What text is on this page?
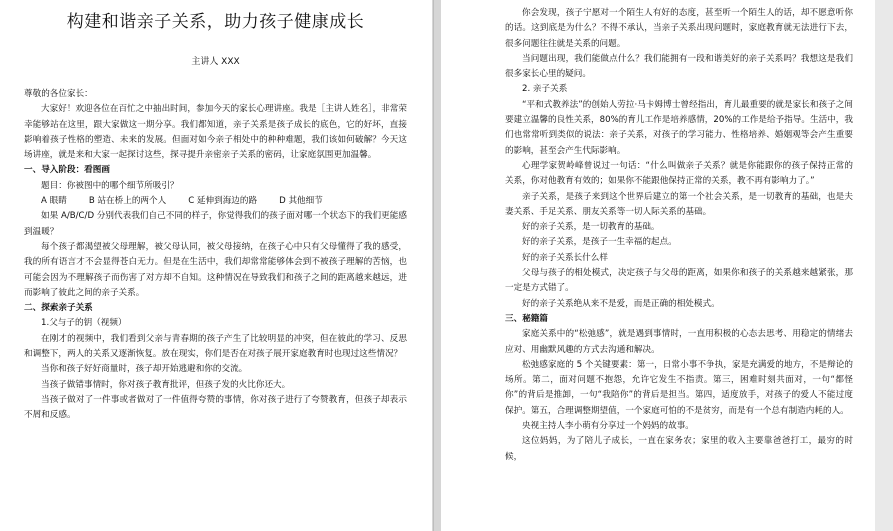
构建和谐亲子关系，助力孩子健康成长
主讲人 XXX

尊敬的各位家长：

大家好！欢迎各位在百忙之中抽出时间，参加今天的家长心理讲座。我是［主讲人姓名］，非常荣幸能够站在这里，跟大家做这一期分享。我们都知道，亲子关系是孩子成长的底色，它的好坏，直接影响着孩子性格的塑造、未来的发展。但面对如今亲子相处中的种种难题，我们该如何破解？今天这场讲座，就是来和大家一起探讨这些，探寻提升亲密亲子关系的密码，让家庭氛围更加温馨。

一、导入阶段：看图画

题目：你被图中的哪个细节所吸引？

A 眼睛	B 站在桥上的两个人	C 延伸到海边的路	D 其他细节

如果 A/B/C/D 分别代表我们自己不同的样子，你觉得我们的孩子面对哪一个状态下的我们更能感到温暖？

每个孩子都渴望被父母理解，被父母认同，被父母接纳，在孩子心中只有父母懂得了我的感受，我的所有语言才不会显得苍白无力。但是在生活中，我们却常常能够体会到不被孩子理解的苦恼，也可能会因为不理解孩子而伤害了对方却不自知。这种情况在导致我们和孩子之间的距离越来越远，进而影响了彼此之间的亲子关系。

二、探索亲子关系

1.父与子的钥（视频）

在刚才的视频中，我们看到父亲与青春期的孩子产生了比较明显的冲突，但在彼此的学习、反思和调整下，两人的关系又逐渐恢复。放在现实，你们是否在对孩子展开家庭教育时也现过这些情况？

当你和孩子好好商量时，孩子却开始逃避和你的交流。

当孩子做错事情时，你对孩子教育批评，但孩子发的火比你还大。

当孩子做对了一件事或者做对了一件值得夸赞的事情，你对孩子进行了夸赞教育，但孩子却表示不屑和反感。

你会发现，孩子宁愿对一个陌生人有好的态度，甚至听一个陌生人的话，却不愿意听你的话。这到底是为什么？不得不承认，当亲子关系出现问题时，家庭教育就无法进行下去，很多问题往往就是关系的问题。

当问题出现，我们能做点什么？我们能拥有一段和谐美好的亲子关系吗？我想这是我们很多家长心里的疑问。

2. 亲子关系

“平和式教养法”的创始人劳拉·马卡姆博士曾经指出，育儿最重要的就是家长和孩子之间要建立温馨的良性关系，80%的育儿工作是培养感情，20%的工作是给予指导。生活中，我们也常常听到类似的说法：亲子关系，对孩子的学习能力、性格培养、婚姻观等会产生重要的影响，甚至会产生代际影响。

心理学家贺岭峰曾说过一句话：“什么叫做亲子关系？就是你能跟你的孩子保持正常的关系，你对他教育有效的；如果你不能跟他保持正常的关系，教不再有影响力了。”

亲子关系，是孩子来到这个世界后建立的第一个社会关系，是一切教育的基础，也是夫妻关系、手足关系、朋友关系等一切人际关系的基础。

好的亲子关系，是一切教育的基础。

好的亲子关系，是孩子一生幸福的起点。

好的亲子关系长什么样

父母与孩子的相处模式，决定孩子与父母的距离，如果你和孩子的关系越来越紧张，那一定是方式错了。

好的亲子关系绝从来不是爱，而是正确的相处模式。

三、秘籍篇

家庭关系中的“松弛感”，就是遇到事情时，一直用积极的心态去思考、用稳定的情绪去应对、用幽默风趣的方式去沟通和解决。

松弛感家庭的 5 个关键要素：第一，日常小事不争执，家是充满爱的地方，不是辩论的场所。第二，面对问题不抱怨，允许它发生不指责。第三，困难时刻共面对，一句“都怪你”的背后是推卸，一句“我陪你”的背后是担当。第四，适度放手，对孩子的爱人不能过度保护。第五，合理调整期望值，一个家庭可怕的不是贫穷，而是有一个总有制造内耗的人。

央视主持人李小萌有分享过一个妈妈的故事。

这位妈妈，为了陪儿子成长，一直在家务农；家里的收入主要靠爸爸打工，最穷的时候，
